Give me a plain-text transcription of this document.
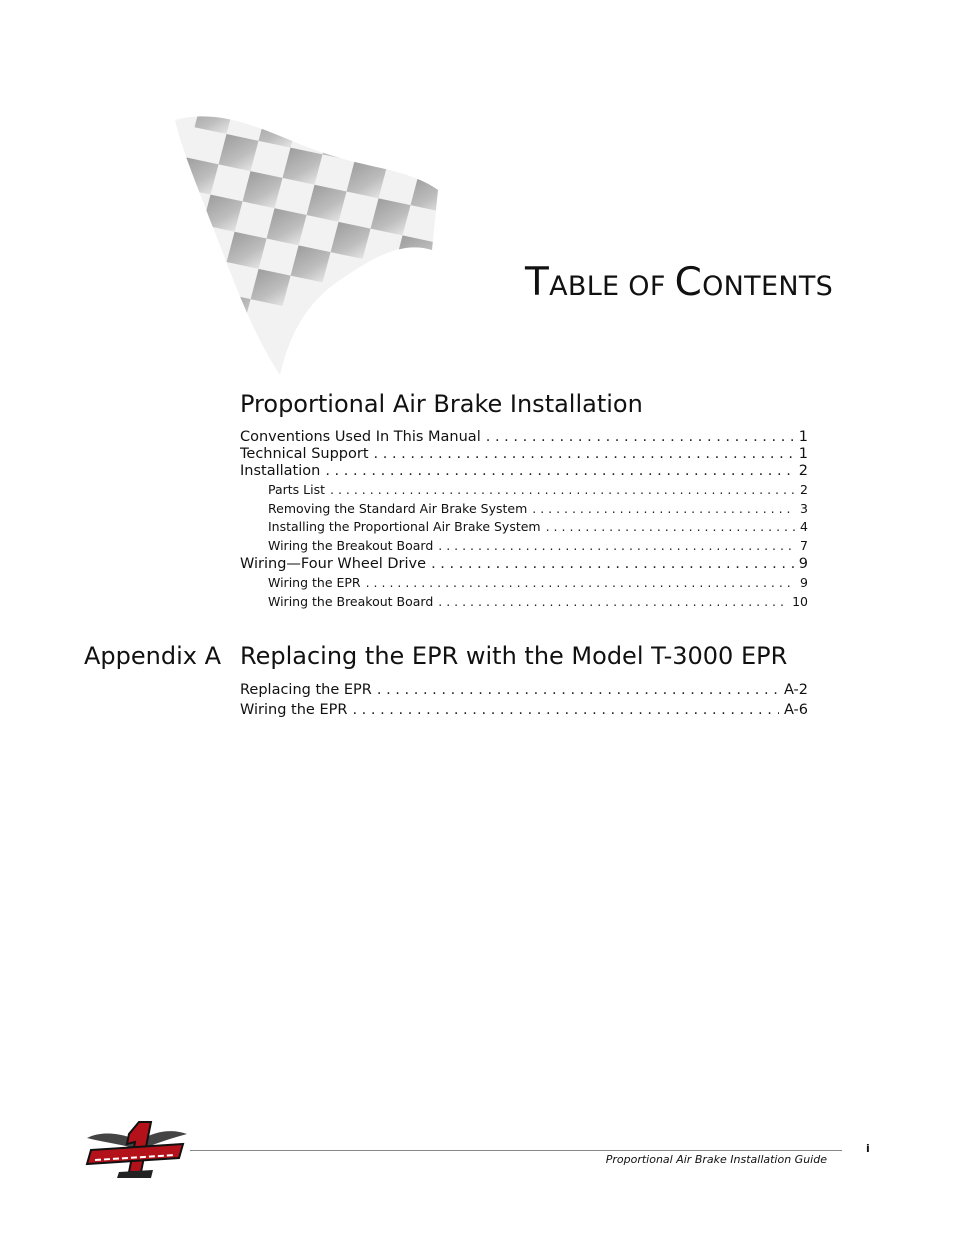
TABLE OF CONTENTS
Proportional Air Brake Installation
Conventions Used In This Manual . . .	1
Technical Support . . .	1
Installation . . .	2
Parts List . . .	2
Removing the Standard Air Brake System . . .	3
Installing the Proportional Air Brake System . . .	4
Wiring the Breakout Board . . .	7
Wiring—Four Wheel Drive . . .	9
Wiring the EPR . . .	9
Wiring the Breakout Board . . .	10
Appendix A Replacing the EPR with the Model T-3000 EPR
Replacing the EPR . . .	A-2
Wiring the EPR . . .	A-6
i
Proportional Air Brake Installation Guide
